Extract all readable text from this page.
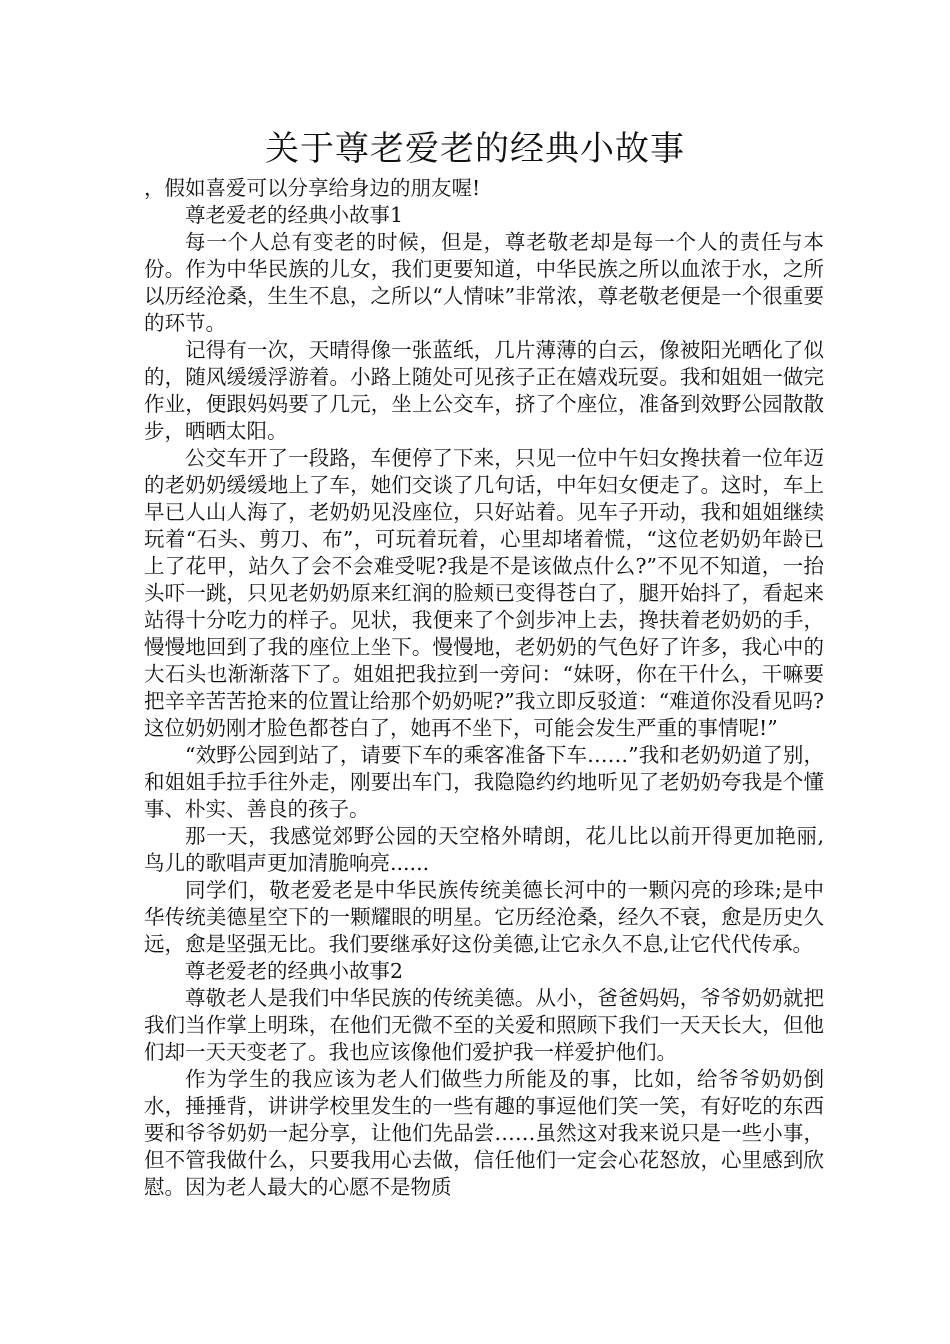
关于尊老爱老的经典小故事

，假如喜爱可以分享给身边的朋友喔!

尊老爱老的经典小故事1

每一个人总有变老的时候，但是，尊老敬老却是每一个人的责任与本份。作为中华民族的儿女，我们更要知道，中华民族之所以血浓于水，之所以历经沧桑，生生不息，之所以“人情味”非常浓，尊老敬老便是一个很重要的环节。

记得有一次，天晴得像一张蓝纸，几片薄薄的白云，像被阳光晒化了似的，随风缓缓浮游着。小路上随处可见孩子正在嬉戏玩耍。我和姐姐一做完作业，便跟妈妈要了几元，坐上公交车，挤了个座位，准备到效野公园散散步，晒晒太阳。

公交车开了一段路，车便停了下来，只见一位中午妇女搀扶着一位年迈的老奶奶缓缓地上了车，她们交谈了几句话，中年妇女便走了。这时，车上早已人山人海了，老奶奶见没座位，只好站着。见车子开动，我和姐姐继续玩着“石头、剪刀、布”，可玩着玩着，心里却堵着慌，“这位老奶奶年龄已上了花甲，站久了会不会难受呢?我是不是该做点什么?”不见不知道，一抬头吓一跳，只见老奶奶原来红润的脸颊已变得苍白了，腿开始抖了，看起来站得十分吃力的样子。见状，我便来了个剑步冲上去，搀扶着老奶奶的手，慢慢地回到了我的座位上坐下。慢慢地，老奶奶的气色好了许多，我心中的大石头也渐渐落下了。姐姐把我拉到一旁问：“妹呀，你在干什么，干嘛要把辛辛苦苦抢来的位置让给那个奶奶呢?”我立即反驳道：“难道你没看见吗?这位奶奶刚才脸色都苍白了，她再不坐下，可能会发生严重的事情呢!”

“效野公园到站了，请要下车的乘客准备下车……”我和老奶奶道了别，和姐姐手拉手往外走，刚要出车门，我隐隐约约地听见了老奶奶夸我是个懂事、朴实、善良的孩子。

那一天，我感觉郊野公园的天空格外晴朗，花儿比以前开得更加艳丽,鸟儿的歌唱声更加清脆响亮......

同学们，敬老爱老是中华民族传统美德长河中的一颗闪亮的珍珠;是中华传统美德星空下的一颗耀眼的明星。它历经沧桑，经久不衰，愈是历史久远，愈是坚强无比。我们要继承好这份美德,让它永久不息,让它代代传承。

尊老爱老的经典小故事2

尊敬老人是我们中华民族的传统美德。从小，爸爸妈妈，爷爷奶奶就把我们当作掌上明珠，在他们无微不至的关爱和照顾下我们一天天长大，但他们却一天天变老了。我也应该像他们爱护我一样爱护他们。

作为学生的我应该为老人们做些力所能及的事，比如，给爷爷奶奶倒水，捶捶背，讲讲学校里发生的一些有趣的事逗他们笑一笑，有好吃的东西要和爷爷奶奶一起分享，让他们先品尝……虽然这对我来说只是一些小事，但不管我做什么，只要我用心去做，信任他们一定会心花怒放，心里感到欣慰。因为老人最大的心愿不是物质
